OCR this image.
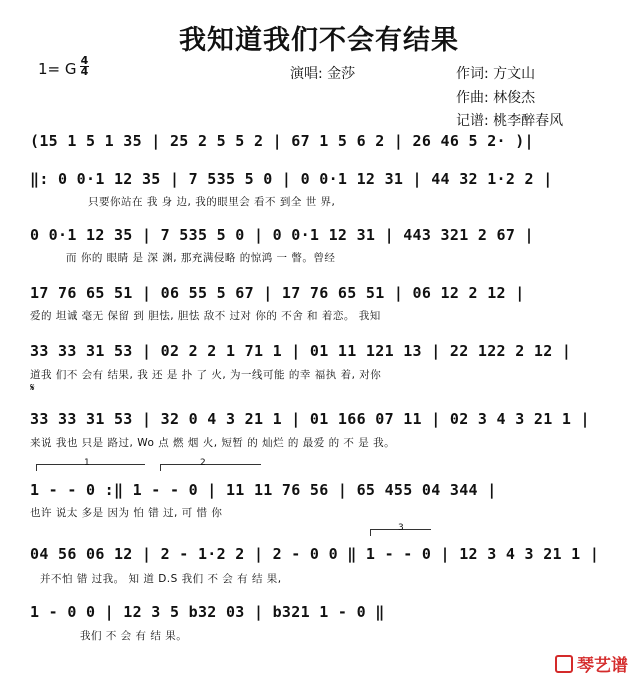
我知道我们不会有结果
1= G 4
4	演唱: 金莎	作词: 方文山
作曲: 林俊杰
记谱: 桃李醉春风
(15 1 5 1 35 | 25 2 5 5 2 | 67 1 5 6 2 | 26 46 5 2· )|
‖: 0 0·1 12 35 | 7 535 5 0 | 0 0·1 12 31 | 44 32 1·2 2 |
只要你站在 我 身 边, 我的眼里会 看不 到全 世 界,
0 0·1 12 35 | 7 535 5 0 | 0 0·1 12 31 | 443 321 2 67 |
而 你的 眼睛 是 深 渊, 那充满侵略 的惊鸿 一 瞥。曾经
17 76 65 51 | 06 55 5 67 | 17 76 65 51 | 06 12 2 12 |
爱的 坦诚 毫无 保留 到 胆怯, 胆怯 敌不 过对 你的 不舍 和 着恋。 我知
33 33 31 53 | 02 2 2 1 71 1 | 01 11 121 13 | 22 122 2 12 |
道我 们不 会有 结果, 我 还 是 扑 了 火, 为一线可能 的幸 福执 着, 对你
𝄋
33 33 31 53 | 32 0 4 3 21 1 | 01 166 07 11 | 02 3 4 3 21 1 |
来说 我也 只是 路过, Wo 点 燃 烟 火, 短暂 的 灿烂 的 最爱 的 不 是 我。
1	2
1 - - 0 :‖ 1 - - 0 | 11 11 76 56 | 65 455 04 344 |
也许 说太 多是 因为 怕 错 过, 可 惜 你
3
04 56 06 12 | 2 - 1·2 2 | 2 - 0 0 ‖ 1 - - 0 | 12 3 4 3 21 1 |
并不怕 错 过我。 知 道 D.S 我们 不 会 有 结 果,
1 - 0 0 | 12 3 5 b32 03 | b321 1 - 0 ‖
我们 不 会 有 结 果。
琴艺谱
